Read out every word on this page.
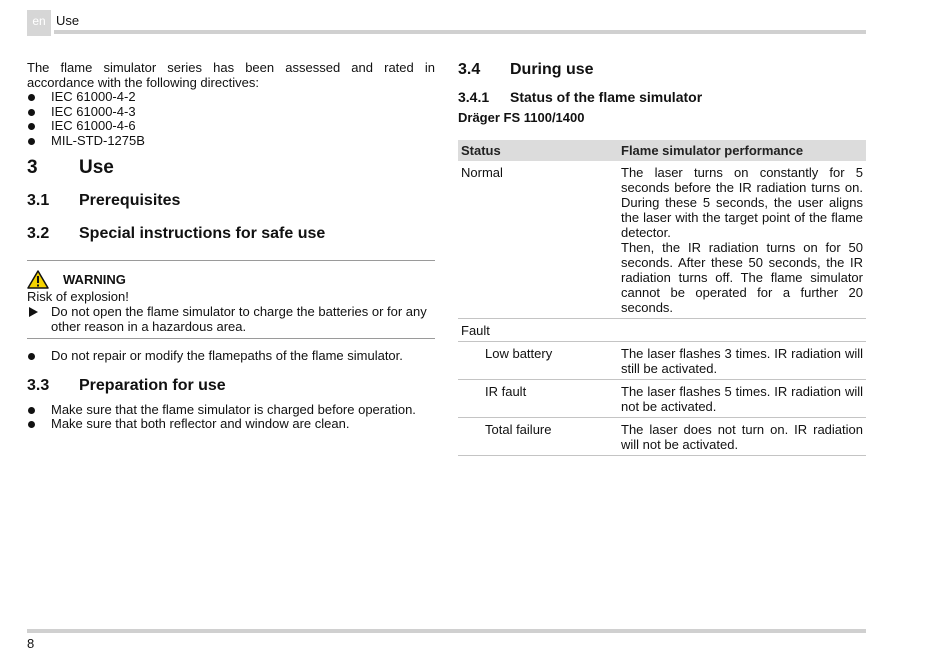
en Use

The flame simulator series has been assessed and rated in accordance with the following directives:

IEC 61000-4-2
IEC 61000-4-3
IEC 61000-4-6
MIL-STD-1275B
3	Use
3.1	Prerequisites
3.2	Special instructions for safe use
WARNING

Risk of explosion!

Do not open the flame simulator to charge the batteries or for any other reason in a hazardous area.
Do not repair or modify the flamepaths of the flame simulator.
3.3	Preparation for use
Make sure that the flame simulator is charged before operation.
Make sure that both reflector and window are clean.
3.4	During use
3.4.1	Status of the flame simulator
Dräger FS 1100/1400
Status	Flame simulator performance
Normal	The laser turns on constantly for 5 seconds before the IR radiation turns on. During these 5 seconds, the user aligns the laser with the target point of the flame detector.
Then, the IR radiation turns on for 50 seconds. After these 50 seconds, the IR radiation turns off. The flame simulator cannot be operated for a further 20 seconds.

Fault	
Low battery	The laser flashes 3 times. IR radiation will still be activated.
IR fault	The laser flashes 5 times. IR radiation will not be activated.
Total failure	The laser does not turn on. IR radiation will not be activated.
8
